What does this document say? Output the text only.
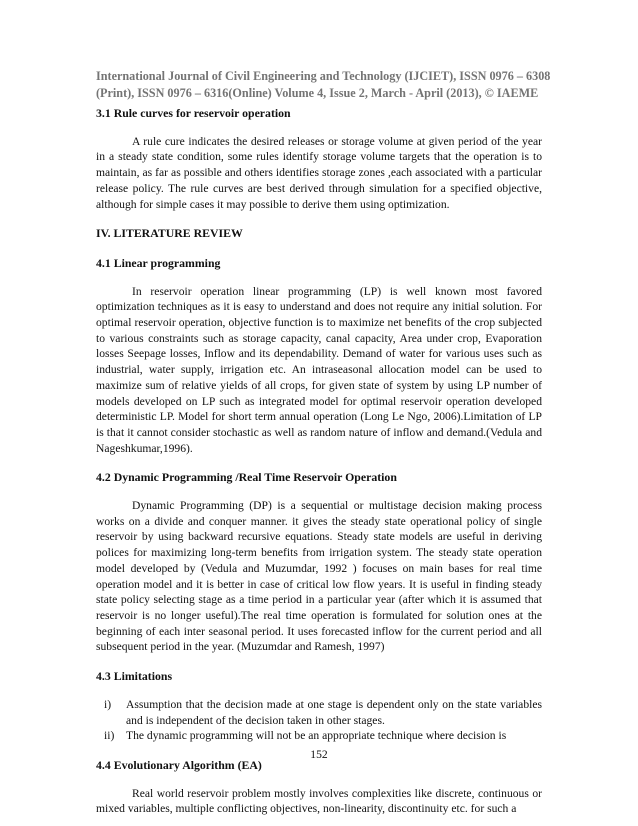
International Journal of Civil Engineering and Technology (IJCIET), ISSN 0976 – 6308
(Print), ISSN 0976 – 6316(Online) Volume 4, Issue 2, March - April (2013), © IAEME
3.1 Rule curves for reservoir operation

A rule cure indicates the desired releases or storage volume at given period of the year in a steady state condition, some rules identify storage volume targets that the operation is to maintain, as far as possible and others identifies storage zones ,each associated with a particular release policy. The rule curves are best derived through simulation for a specified objective, although for simple cases it may possible to derive them using optimization.

IV. LITERATURE REVIEW
4.1 Linear programming

In reservoir operation linear programming (LP) is well known most favored optimization techniques as it is easy to understand and does not require any initial solution. For optimal reservoir operation, objective function is to maximize net benefits of the crop subjected to various constraints such as storage capacity, canal capacity, Area under crop, Evaporation losses Seepage losses, Inflow and its dependability. Demand of water for various uses such as industrial, water supply, irrigation etc. An intraseasonal allocation model can be used to maximize sum of relative yields of all crops, for given state of system by using LP number of models developed on LP such as integrated model for optimal reservoir operation developed deterministic LP. Model for short term annual operation (Long Le Ngo, 2006).Limitation of LP is that it cannot consider stochastic as well as random nature of inflow and demand.(Vedula and Nageshkumar,1996).

4.2 Dynamic Programming /Real Time Reservoir Operation

Dynamic Programming (DP) is a sequential or multistage decision making process works on a divide and conquer manner. it gives the steady state operational policy of single reservoir by using backward recursive equations. Steady state models are useful in deriving polices for maximizing long-term benefits from irrigation system. The steady state operation model developed by (Vedula and Muzumdar, 1992 ) focuses on main bases for real time operation model and it is better in case of critical low flow years. It is useful in finding steady state policy selecting stage as a time period in a particular year (after which it is assumed that reservoir is no longer useful).The real time operation is formulated for solution ones at the beginning of each inter seasonal period. It uses forecasted inflow for the current period and all subsequent period in the year. (Muzumdar and Ramesh, 1997)

4.3 Limitations
i) Assumption that the decision made at one stage is dependent only on the state variables and is independent of the decision taken in other stages.
ii) The dynamic programming will not be an appropriate technique where decision is
4.4 Evolutionary Algorithm (EA)

Real world reservoir problem mostly involves complexities like discrete, continuous or mixed variables, multiple conflicting objectives, non-linearity, discontinuity etc. for such a

152
